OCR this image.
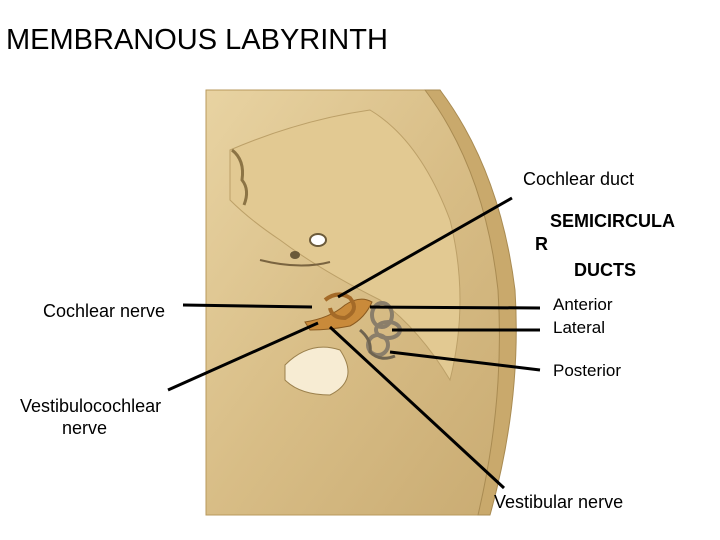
MEMBRANOUS LABYRINTH
Cochlear duct
SEMICIRCULA
R
DUCTS
Cochlear nerve	Anterior
Lateral
Posterior
Vestibulocochlear
nerve
Vestibular nerve
